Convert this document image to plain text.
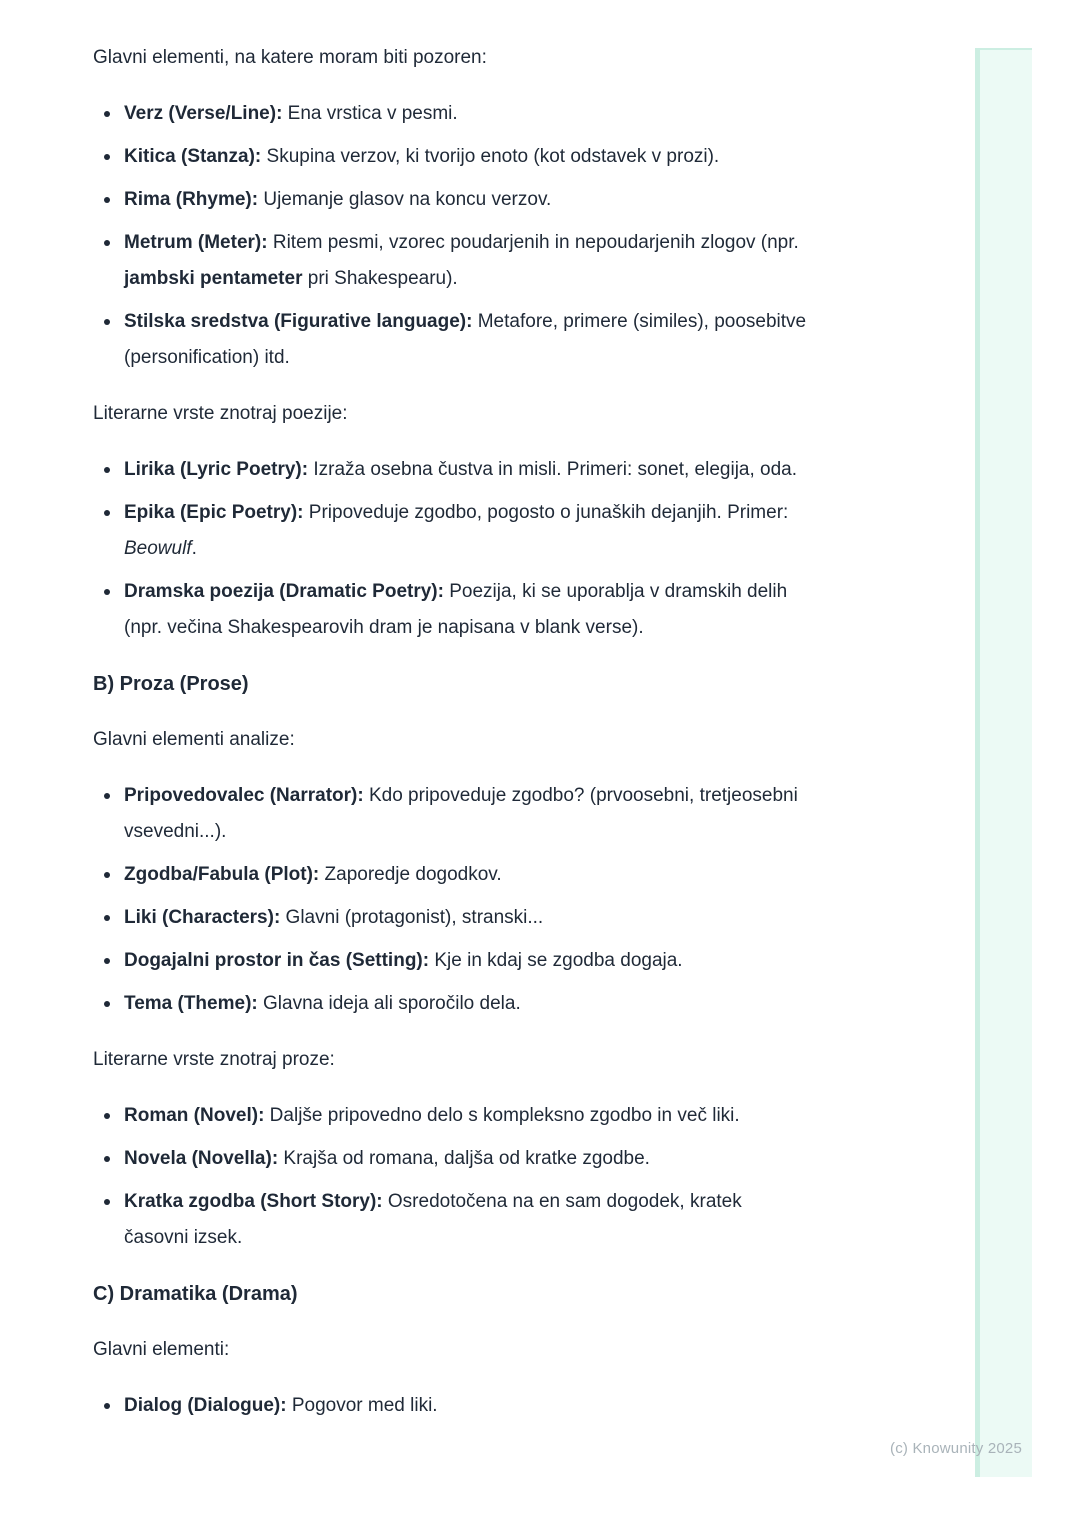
Glavni elementi, na katere moram biti pozoren:

Verz (Verse/Line): Ena vrstica v pesmi.
Kitica (Stanza): Skupina verzov, ki tvorijo enoto (kot odstavek v prozi).
Rima (Rhyme): Ujemanje glasov na koncu verzov.
Metrum (Meter): Ritem pesmi, vzorec poudarjenih in nepoudarjenih zlogov (npr. jambski pentameter pri Shakespearu).
Stilska sredstva (Figurative language): Metafore, primere (similes), poosebitve (personification) itd.

Literarne vrste znotraj poezije:

Lirika (Lyric Poetry): Izraža osebna čustva in misli. Primeri: sonet, elegija, oda.
Epika (Epic Poetry): Pripoveduje zgodbo, pogosto o junaških dejanjih. Primer: Beowulf.
Dramska poezija (Dramatic Poetry): Poezija, ki se uporablja v dramskih delih (npr. večina Shakespearovih dram je napisana v blank verse).
B) Proza (Prose)

Glavni elementi analize:

Pripovedovalec (Narrator): Kdo pripoveduje zgodbo? (prvoosebni, tretjeosebni vsevedni...).
Zgodba/Fabula (Plot): Zaporedje dogodkov.
Liki (Characters): Glavni (protagonist), stranski...
Dogajalni prostor in čas (Setting): Kje in kdaj se zgodba dogaja.
Tema (Theme): Glavna ideja ali sporočilo dela.

Literarne vrste znotraj proze:

Roman (Novel): Daljše pripovedno delo s kompleksno zgodbo in več liki.
Novela (Novella): Krajša od romana, daljša od kratke zgodbe.
Kratka zgodba (Short Story): Osredotočena na en sam dogodek, kratek časovni izsek.
C) Dramatika (Drama)

Glavni elementi:

Dialog (Dialogue): Pogovor med liki.
(c) Knowunity 2025
